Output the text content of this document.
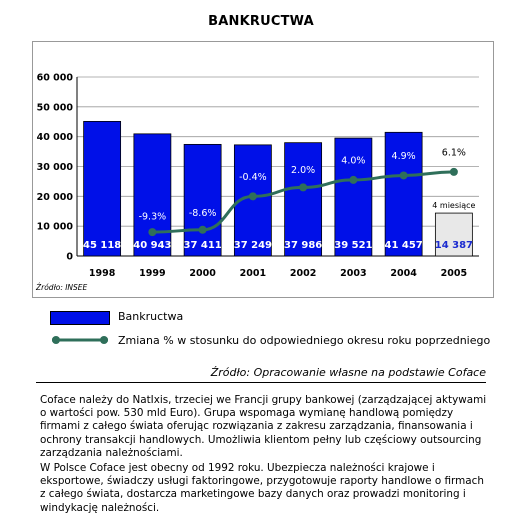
BANKRUCTWA
0
10 000
20 000
30 000
40 000
50 000
60 000
45 118 40 943 37 411 37 249 37 986 39 521 41 457 14 387
1998	1999	2000	2001	2002	2003	2004	2005
-9.3% -8.6%
-0.4%
2.0%
4.0%	4.9%	6.1%
4 miesiące
Źródło: INSEE
Bankructwa
Zmiana % w stosunku do odpowiedniego okresu roku poprzedniego
Źródło: Opracowanie własne na podstawie Coface
Coface należy do NatIxis, trzeciej we Francji grupy bankowej (zarządzającej aktywami o wartości pow. 530 mld Euro). Grupa wspomaga wymianę handlową pomiędzy firmami z całego świata oferując rozwiązania z zakresu zarządzania, finansowania i ochrony transakcji handlowych. Umożliwia klientom pełny lub częściowy outsourcing zarządzania należnościami.
W Polsce Coface jest obecny od 1992 roku. Ubezpiecza należności krajowe i eksportowe, świadczy usługi faktoringowe, przygotowuje raporty handlowe o firmach z całego świata, dostarcza marketingowe bazy danych oraz prowadzi monitoring i windykację należności.
